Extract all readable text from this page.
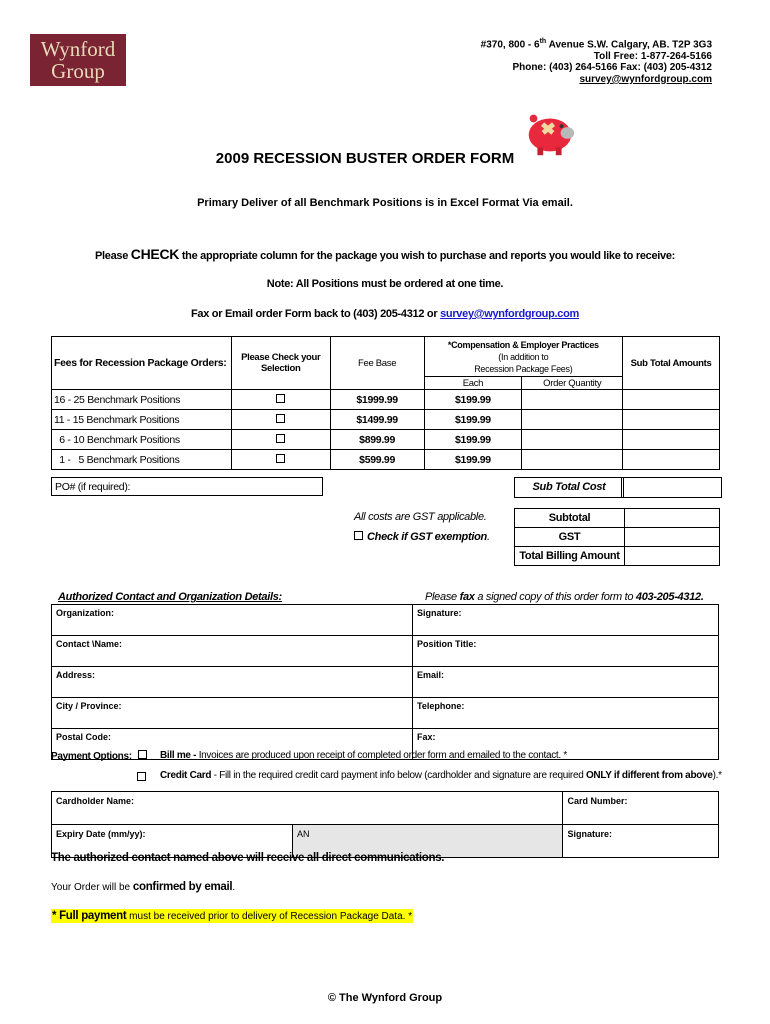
Wynford
Group
#370, 800 - 6th Avenue S.W. Calgary, AB. T2P 3G3
Toll Free: 1-877-264-5166
Phone: (403) 264-5166 Fax: (403) 205-4312
survey@wynfordgroup.com
2009 RECESSION BUSTER ORDER FORM
Primary Deliver of all Benchmark Positions is in Excel Format Via email.
Please CHECK the appropriate column for the package you wish to purchase and reports you would like to receive:
Note: All Positions must be ordered at one time.
Fax or Email order Form back to (403) 205-4312 or survey@wynfordgroup.com
Fees for Recession Package Orders:	Please Check your Selection	Fee Base	*Compensation & Employer Practices
(In addition to
Recession Package Fees)		Sub Total Amounts
			Each	Order Quantity	
16 - 25 Benchmark Positions		$1999.99	$199.99		
11 - 15 Benchmark Positions		$1499.99	$199.99		
6 - 10 Benchmark Positions		$899.99	$199.99		
1 -   5 Benchmark Positions		$599.99	$199.99		
PO# (if required):	Sub Total Cost
All costs are GST applicable.
Check if GST exemption.
Subtotal	
GST	
Total Billing Amount	
Authorized Contact and Organization Details:	Please fax a signed copy of this order form to 403-205-4312.
Organization:	Signature:
Contact \Name:	Position Title:
Address:	Email:
City / Province:	Telephone:
Postal Code:	Fax:
Payment Options:	Bill me - Invoices are produced upon receipt of completed order form and emailed to the contact. *
Credit Card - Fill in the required credit card payment info below (cardholder and signature are required ONLY if different from above).*
Cardholder Name:		Card Number:
Expiry Date (mm/yy):	AN	Signature:
The authorized contact named above will receive all direct communications.
Your Order will be confirmed by email.
* Full payment must be received prior to delivery of Recession Package Data. *
© The Wynford Group
